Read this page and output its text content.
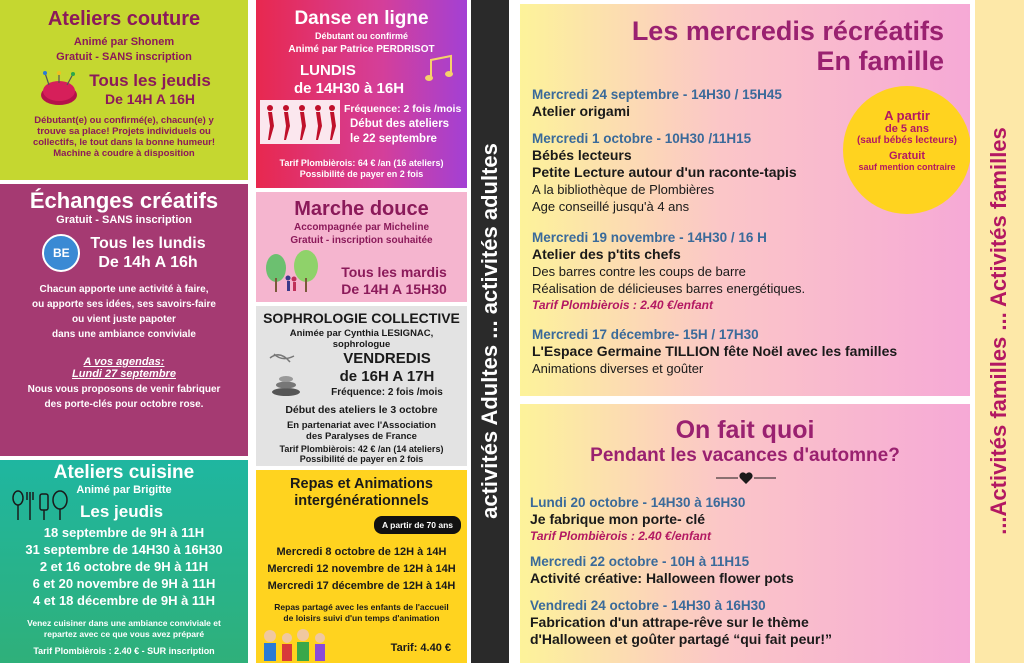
Ateliers couture
Animé par Shonem
Gratuit - SANS inscription
Tous les jeudis
De 14H A 16H
Débutant(e) ou confirmé(e), chacun(e) y
trouve sa place! Projets individuels ou
collectifs, le tout dans la bonne humeur!
Machine à coudre à disposition
Danse en ligne
Débutant ou confirmé
Animé par Patrice PERDRISOT
LUNDIS
de 14H30 à 16H
Fréquence: 2 fois /mois
Début des ateliers
le 22 septembre
Tarif Plombièrois: 64 € /an (16 ateliers)
Possibilité de payer en 2 fois
Marche douce
Accompagnée par Micheline
Gratuit - inscription souhaitée
Tous les mardis
De 14H A 15H30
SOPHROLOGIE COLLECTIVE
Animée par Cynthia LESIGNAC,
sophrologue
VENDREDIS
de 16H A 17H
Fréquence: 2 fois /mois
Début des ateliers le 3 octobre
En partenariat avec l'Association
des Paralyses de France
Tarif Plombièrois: 42 € /an (14 ateliers)
Possibilité de payer en 2 fois
Repas et Animations
intergénérationnels
A partir de 70 ans
Mercredi 8 octobre de 12H à 14H
Mercredi 12 novembre de 12H à 14H
Mercredi 17 décembre de 12H à 14H
Repas partagé avec les enfants de l'accueil
de loisirs suivi d'un temps d'animation
Tarif: 4.40 €
Échanges créatifs
Gratuit - SANS inscription
BE
Tous les lundis
De 14h A 16h
Chacun apporte une activité à faire,
ou apporte ses idées, ses savoirs-faire
ou vient juste papoter
dans une ambiance conviviale
A vos agendas:
Lundi 27 septembre
Nous vous proposons de venir fabriquer
des porte-clés pour octobre rose.
Ateliers cuisine
Animé par Brigitte
Les jeudis
18 septembre de 9H à 11H
31 septembre de 14H30 à 16H30
2 et 16 octobre de 9H à 11H
6 et 20 novembre de 9H à 11H
4 et 18 décembre de 9H à 11H
Venez cuisiner dans une ambiance conviviale et
repartez avec ce que vous avez préparé
Tarif Plombièrois : 2.40 € - SUR inscription
activités Adultes ... activités adultes	...Activités familles ... Activités familles
Les mercredis récréatifs
En famille
Mercredi 24 septembre - 14H30 / 15H45
Atelier origami
Mercredi 1 octobre - 10H30 /11H15
Bébés lecteurs
Petite Lecture autour d'un raconte-tapis
A la bibliothèque de Plombières
Age conseillé jusqu'à 4 ans
Mercredi 19 novembre - 14H30 / 16 H
Atelier des p'tits chefs
Des barres contre les coups de barre
Réalisation de délicieuses barres energétiques.
Tarif Plombièrois : 2.40 €/enfant
Mercredi 17 décembre- 15H / 17H30
L'Espace Germaine TILLION fête Noël avec les familles
Animations diverses et goûter
A partir
de 5 ans
(sauf bébés lecteurs)
Gratuit
sauf mention contraire
On fait quoi
Pendant les vacances d'automne?
Lundi 20 octobre - 14H30 à 16H30
Je fabrique mon porte- clé
Tarif Plombièrois : 2.40 €/enfant
Mercredi 22 octobre - 10H à 11H15
Activité créative: Halloween flower pots
Vendredi 24 octobre - 14H30 à 16H30
Fabrication d'un attrape-rêve sur le thème
d'Halloween et goûter partagé “qui fait peur!”
